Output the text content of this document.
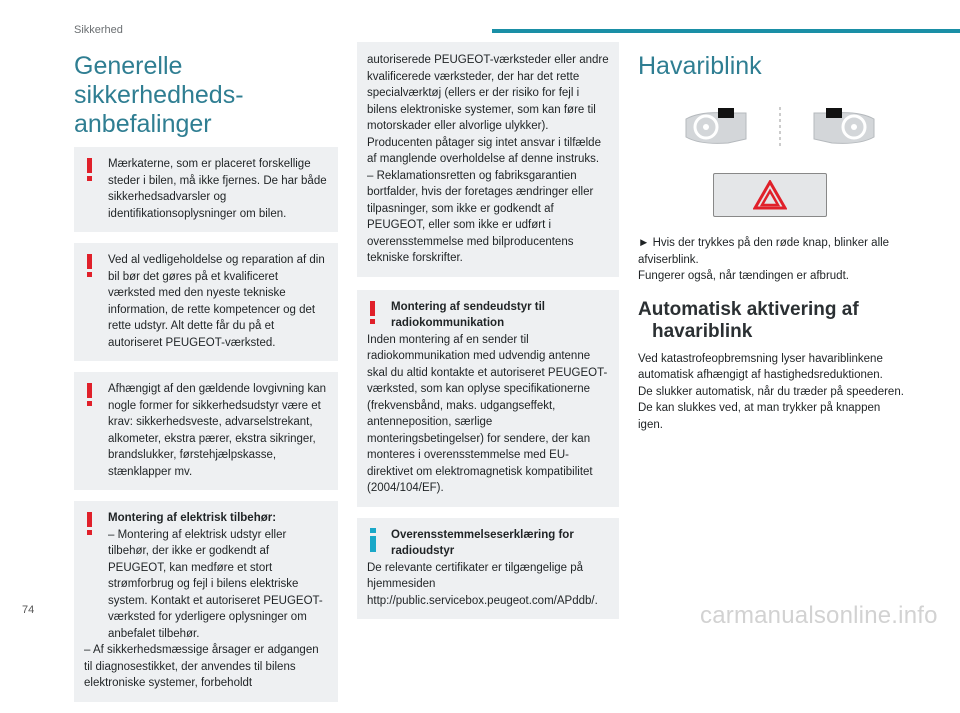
Sikkerhed
Generelle sikkerhedheds-
anbefalinger
Mærkaterne, som er placeret forskellige steder i bilen, må ikke fjernes. De har både sikkerhedsadvarsler og identifikationsoplysninger om bilen.
Ved al vedligeholdelse og reparation af din bil bør det gøres på et kvalificeret værksted med den nyeste tekniske information, de rette kompetencer og det rette udstyr. Alt dette får du på et autoriseret PEUGEOT-værksted.
Afhængigt af den gældende lovgivning kan nogle former for sikkerhedsudstyr være et krav: sikkerhedsveste, advarselstrekant, alkometer, ekstra pærer, ekstra sikringer, brandslukker, førstehjælpskasse, stænklapper mv.
Montering af elektrisk tilbehør:
– Montering af elektrisk udstyr eller tilbehør, der ikke er godkendt af PEUGEOT, kan medføre et stort strømforbrug og fejl i bilens elektriske system. Kontakt et autoriseret PEUGEOT-værksted for yderligere oplysninger om anbefalet tilbehør.
– Af sikkerhedsmæssige årsager er adgangen til diagnosestikket, der anvendes til bilens elektroniske systemer, forbeholdt
autoriserede PEUGEOT-værksteder eller andre kvalificerede værksteder, der har det rette specialværktøj (ellers er der risiko for fejl i bilens elektroniske systemer, som kan føre til motorskader eller alvorlige ulykker). Producenten påtager sig intet ansvar i tilfælde af manglende overholdelse af denne instruks.
– Reklamationsretten og fabriksgarantien bortfalder, hvis der foretages ændringer eller tilpasninger, som ikke er godkendt af PEUGEOT, eller som ikke er udført i overensstemmelse med bilproducentens tekniske forskrifter.
Montering af sendeudstyr til radiokommunikation
Inden montering af en sender til radiokommunikation med udvendig antenne skal du altid kontakte et autoriseret PEUGEOT-værksted, som kan oplyse specifikationerne (frekvensbånd, maks. udgangseffekt, antenneposition, særlige monteringsbetingelser) for sendere, der kan monteres i overensstemmelse med EU-direktivet om elektromagnetisk kompatibilitet (2004/104/EF).
Overensstemmelseserklæring for radioudstyr
De relevante certifikater er tilgængelige på hjemmesiden http://public.servicebox.peugeot.com/APddb/.
Havariblink
► Hvis der trykkes på den røde knap, blinker alle afviserblink.
Fungerer også, når tændingen er afbrudt.
Automatisk aktivering af
havariblink
Ved katastrofeopbremsning lyser havariblinkene automatisk afhængigt af hastighedsreduktionen.
De slukker automatisk, når du træder på speederen.
De kan slukkes ved, at man trykker på knappen igen.
74	carmanualsonline.info
